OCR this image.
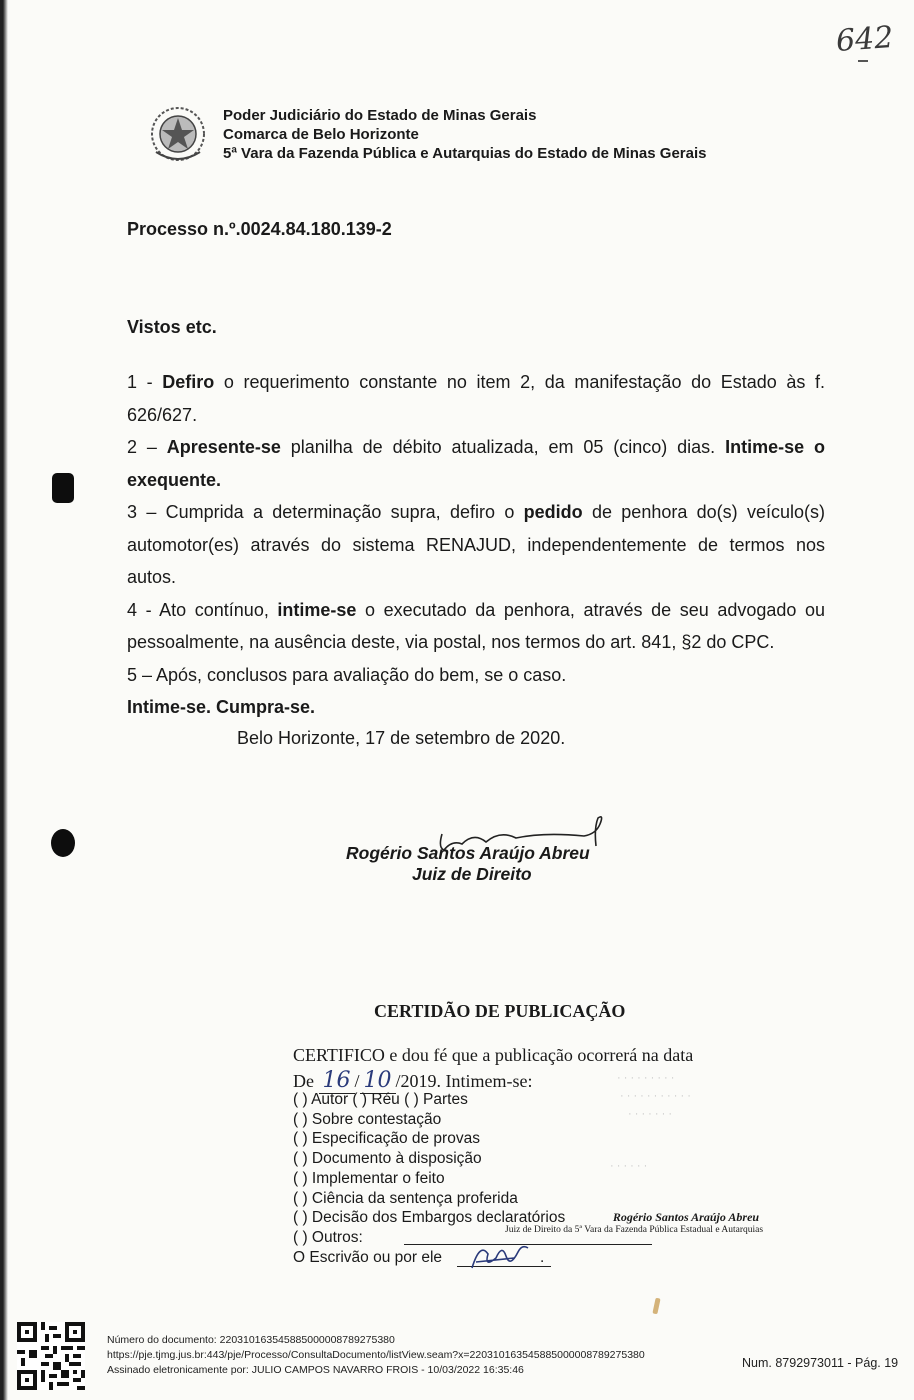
642
Poder Judiciário do Estado de Minas Gerais
Comarca de Belo Horizonte
5ª Vara da Fazenda Pública e Autarquias do Estado de Minas Gerais
Processo n.º.0024.84.180.139-2
Vistos etc.

1 - Defiro o requerimento constante no item 2, da manifestação do Estado às f.

626/627.

2 – Apresente-se planilha de débito atualizada, em 05 (cinco) dias. Intime-se o

exequente.

3 – Cumprida a determinação supra, defiro o pedido de penhora do(s) veículo(s)

automotor(es) através do sistema RENAJUD, independentemente de termos nos

autos.

4 - Ato contínuo, intime-se o executado da penhora, através de seu advogado ou

pessoalmente, na ausência deste, via postal, nos termos do art. 841, §2 do CPC.

5 – Após, conclusos para avaliação do bem, se o caso.

Intime-se. Cumpra-se.

Belo Horizonte, 17 de setembro de 2020.
Rogério Santos Araújo Abreu
Juiz de Direito
CERTIDÃO DE PUBLICAÇÃO
CERTIFICO e dou fé que a publicação ocorrerá na data
De 16 / 10 /2019. Intimem-se:	· · · · · · · · ·
· · · · · · · · · · ·
· · · · · · ·
· · · · · ·
( ) Autor ( ) Réu ( ) Partes
( ) Sobre contestação
( ) Especificação de provas
( ) Documento à disposição
( ) Implementar o feito
( ) Ciência da sentença proferida
( ) Decisão dos Embargos declaratórios
( ) Outros:
O Escrivão ou por ele	.
Rogério Santos Araújo Abreu
Juiz de Direito da 5ª Vara da Fazenda Pública Estadual e Autarquias
Número do documento: 220310163545885000008789275380
https://pje.tjmg.jus.br:443/pje/Processo/ConsultaDocumento/listView.seam?x=220310163545885000008789275380
Assinado eletronicamente por: JULIO CAMPOS NAVARRO FROIS - 10/03/2022 16:35:46	Num. 8792973011 - Pág. 19
